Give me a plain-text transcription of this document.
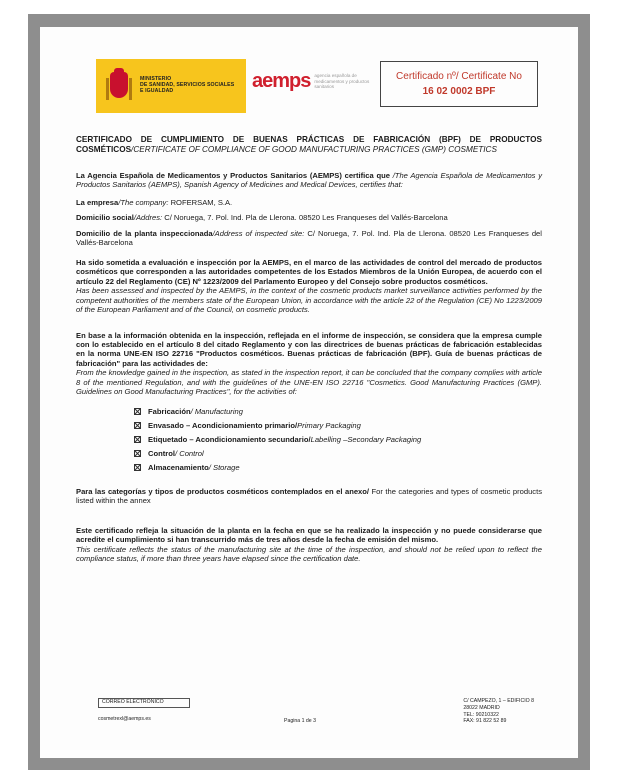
MINISTERIO
DE SANIDAD, SERVICIOS SOCIALES
E IGUALDAD	aemps agencia española de medicamentos y productos sanitarios
Certificado nº/ Certificate No
16 02 0002 BPF
CERTIFICADO DE CUMPLIMIENTO DE BUENAS PRÁCTICAS DE FABRICACIÓN (BPF) DE PRODUCTOS COSMÉTICOS/CERTIFICATE OF COMPLIANCE OF GOOD MANUFACTURING PRACTICES (GMP) COSMETICS

La Agencia Española de Medicamentos y Productos Sanitarios (AEMPS) certifica que /The Agencia Española de Medicamentos y Productos Sanitarios (AEMPS), Spanish Agency of Medicines and Medical Devices, certifies that:

La empresa/The company: ROFERSAM, S.A.

Domicilio social/Addres: C/ Noruega, 7. Pol. Ind. Pla de Llerona. 08520 Les Franqueses del Vallés-Barcelona

Domicilio de la planta inspeccionada/Address of inspected site: C/ Noruega, 7. Pol. Ind. Pla de Llerona. 08520 Les Franqueses del Vallés-Barcelona

Ha sido sometida a evaluación e inspección por la AEMPS, en el marco de las actividades de control del mercado de productos cosméticos que corresponden a las autoridades competentes de los Estados Miembros de la Unión Europea, de acuerdo con el artículo 22 del Reglamento (CE) Nº 1223/2009 del Parlamento Europeo y del Consejo sobre productos cosméticos.

Has been assessed and inspected by the AEMPS, in the context of the cosmetic products market surveillance activities performed by the competent authorities of the members state of the European Union, in accordance with the article 22 of the Regulation (CE) No 1223/2009 of the European Parliament and of the Council, on cosmetic products.

En base a la información obtenida en la inspección, reflejada en el informe de inspección, se considera que la empresa cumple con lo establecido en el artículo 8 del citado Reglamento y con las directrices de buenas prácticas de fabricación establecidas en la norma UNE-EN ISO 22716 "Productos cosméticos. Buenas prácticas de fabricación (BPF). Guía de buenas prácticas de fabricación" para las actividades de:

From the knowledge gained in the inspection, as stated in the inspection report, it can be concluded that the company complies with article 8 of the mentioned Regulation, and with the guidelines of the UNE-EN ISO 22716 "Cosmetics. Good Manufacturing Practices (GMP). Guidelines on Good Manufacturing Practices", for the activities of:

Fabricación / Manufacturing
Envasado – Acondicionamiento primario/ Primary Packaging
Etiquetado – Acondicionamiento secundario/ Labelling –Secondary Packaging
Control / Control
Almacenamiento / Storage

Para las categorías y tipos de productos cosméticos contemplados en el anexo/ For the categories and types of cosmetic products listed within the annex

Este certificado refleja la situación de la planta en la fecha en que se ha realizado la inspección y no puede considerarse que acredite el cumplimiento si han transcurrido más de tres años desde la fecha de emisión del mismo.

This certificate reflects the status of the manufacturing site at the time of the inspection, and should not be relied upon to reflect the compliance status, if more than three years have elapsed since the certification date.

CORREO ELECTRÓNICO
cosmetrexl@aemps.es	Pagina 1 de 3
C/ CAMPEZO, 1 – EDIFICIO 8
28022 MADRID
TEL: 90210322
FAX: 91 822 52 89
